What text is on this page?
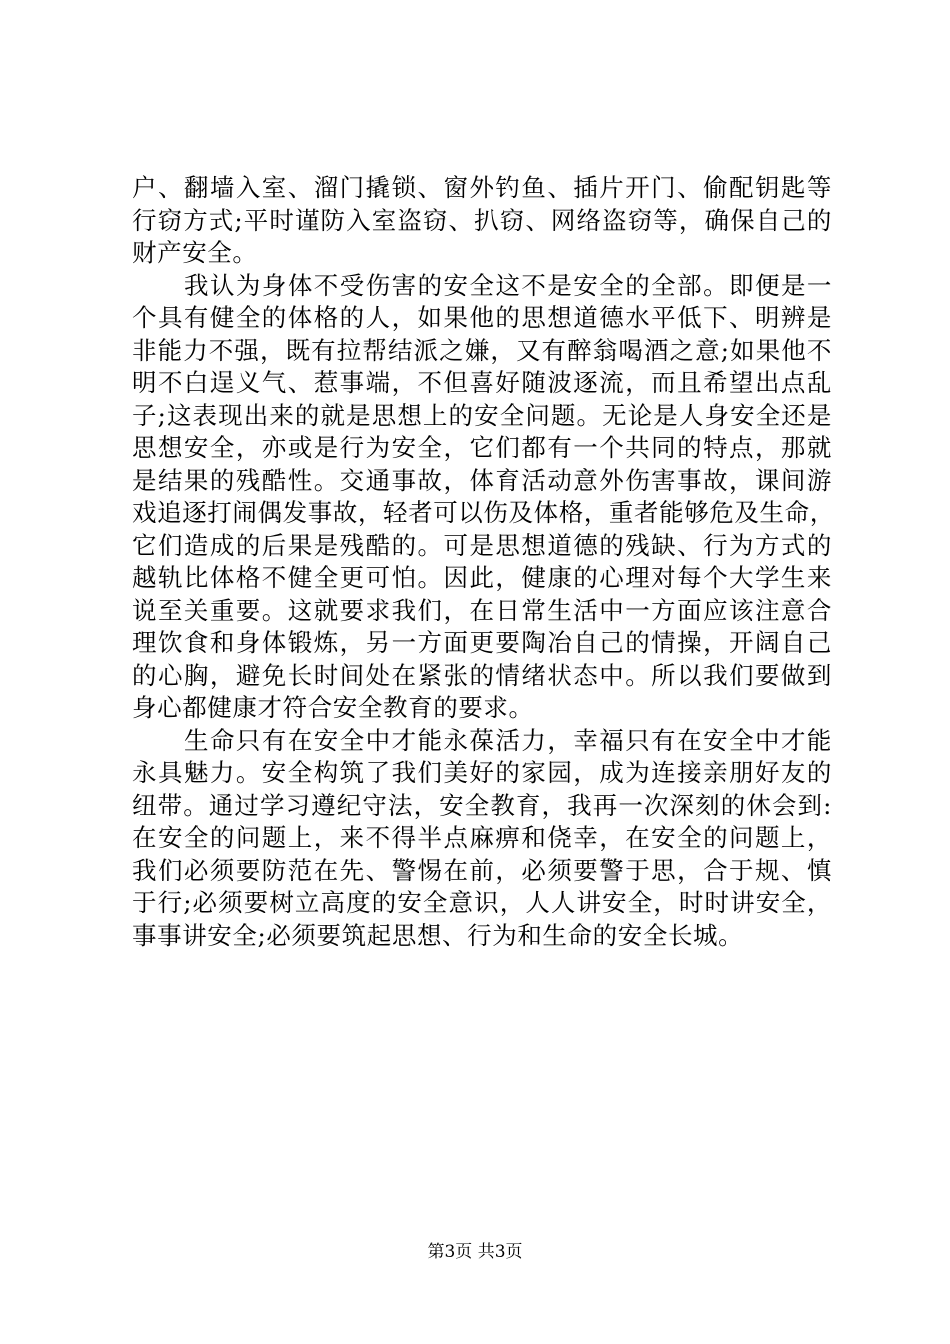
户、翻墙入室、溜门撬锁、窗外钓鱼、插片开门、偷配钥匙等
行窃方式;平时谨防入室盗窃、扒窃、网络盗窃等，确保自己的
财产安全。
我认为身体不受伤害的安全这不是安全的全部。即便是一
个具有健全的体格的人，如果他的思想道德水平低下、明辨是
非能力不强，既有拉帮结派之嫌，又有醉翁喝酒之意;如果他不
明不白逞义气、惹事端，不但喜好随波逐流，而且希望出点乱
子;这表现出来的就是思想上的安全问题。无论是人身安全还是
思想安全，亦或是行为安全，它们都有一个共同的特点，那就
是结果的残酷性。交通事故，体育活动意外伤害事故，课间游
戏追逐打闹偶发事故，轻者可以伤及体格，重者能够危及生命，
它们造成的后果是残酷的。可是思想道德的残缺、行为方式的
越轨比体格不健全更可怕。因此，健康的心理对每个大学生来
说至关重要。这就要求我们，在日常生活中一方面应该注意合
理饮食和身体锻炼，另一方面更要陶冶自己的情操，开阔自己
的心胸，避免长时间处在紧张的情绪状态中。所以我们要做到
身心都健康才符合安全教育的要求。
生命只有在安全中才能永葆活力，幸福只有在安全中才能
永具魅力。安全构筑了我们美好的家园，成为连接亲朋好友的
纽带。通过学习遵纪守法，安全教育，我再一次深刻的休会到:
在安全的问题上，来不得半点麻痹和侥幸，在安全的问题上，
我们必须要防范在先、警惕在前，必须要警于思，合于规、慎
于行;必须要树立高度的安全意识，人人讲安全，时时讲安全，
事事讲安全;必须要筑起思想、行为和生命的安全长城。
第3页 共3页
